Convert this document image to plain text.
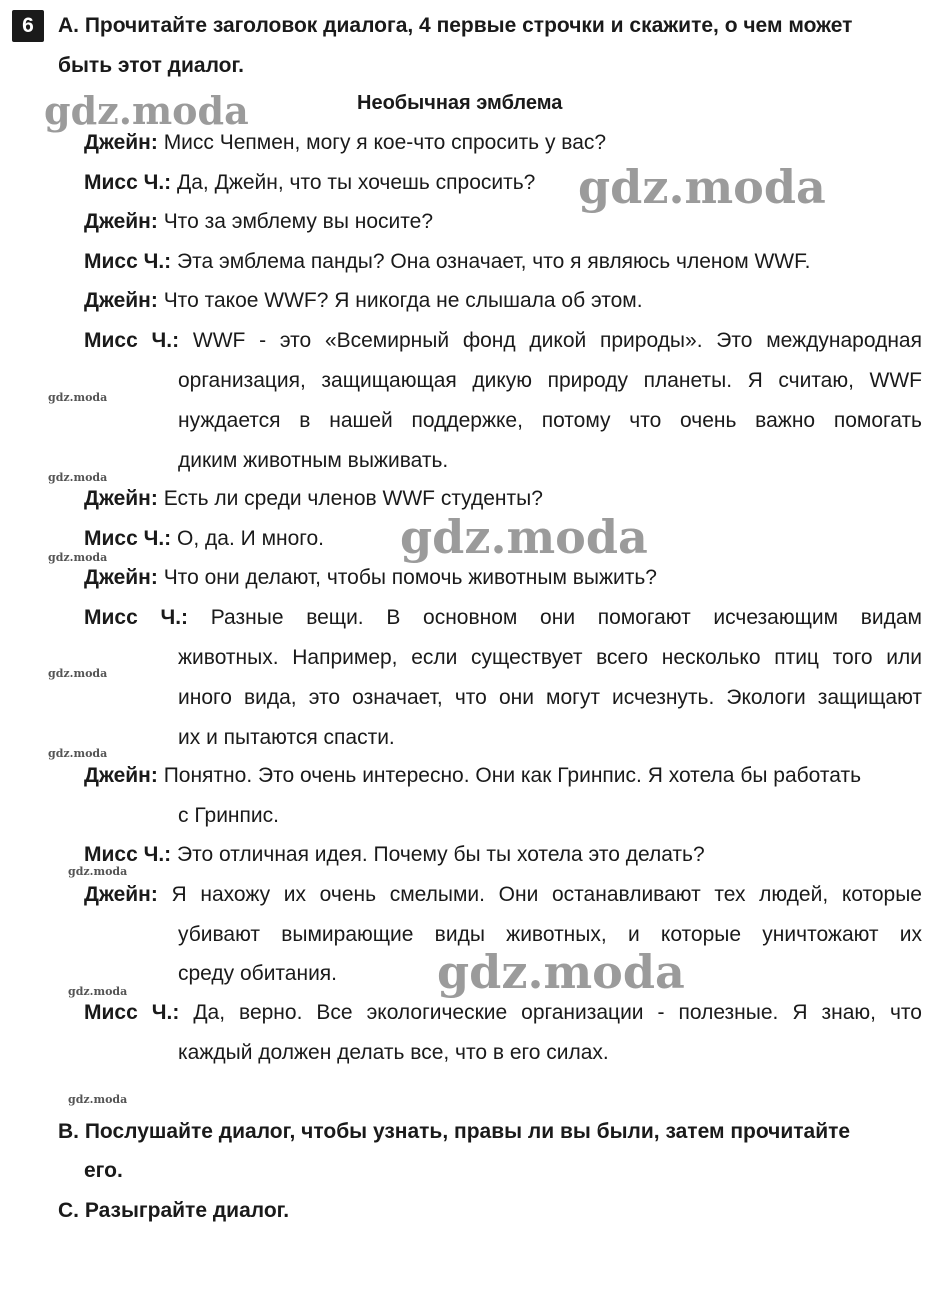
6	A. Прочитайте заголовок диалога, 4 первые строчки и скажите, о чем может
быть этот диалог.
Необычная эмблема
Джейн: Мисс Чепмен, могу я кое-что спросить у вас?
Мисс Ч.: Да, Джейн, что ты хочешь спросить?
Джейн: Что за эмблему вы носите?
Мисс Ч.: Эта эмблема панды? Она означает, что я являюсь членом WWF.
Джейн: Что такое WWF? Я никогда не слышала об этом.
Мисс Ч.: WWF - это «Всемирный фонд дикой природы». Это международная
организация, защищающая дикую природу планеты. Я считаю, WWF
нуждается в нашей поддержке, потому что очень важно помогать
диким животным выживать.
Джейн: Есть ли среди членов WWF студенты?
Мисс Ч.: О, да. И много.
Джейн: Что они делают, чтобы помочь животным выжить?
Мисс Ч.: Разные вещи. В основном они помогают исчезающим видам
животных. Например, если существует всего несколько птиц того или
иного вида, это означает, что они могут исчезнуть. Экологи защищают
их и пытаются спасти.
Джейн: Понятно. Это очень интересно. Они как Гринпис. Я хотела бы работать
с Гринпис.
Мисс Ч.: Это отличная идея. Почему бы ты хотела это делать?
Джейн: Я нахожу их очень смелыми. Они останавливают тех людей, которые
убивают вымирающие виды животных, и которые уничтожают их
среду обитания.
Мисс Ч.: Да, верно. Все экологические организации - полезные. Я знаю, что
каждый должен делать все, что в его силах.
B. Послушайте диалог, чтобы узнать, правы ли вы были, затем прочитайте
его.
C. Разыграйте диалог.
gdz.moda
gdz.moda
gdz.moda
gdz.moda
gdz.moda
gdz.moda
gdz.moda
gdz.moda
gdz.moda
gdz.moda
gdz.moda
gdz.moda
